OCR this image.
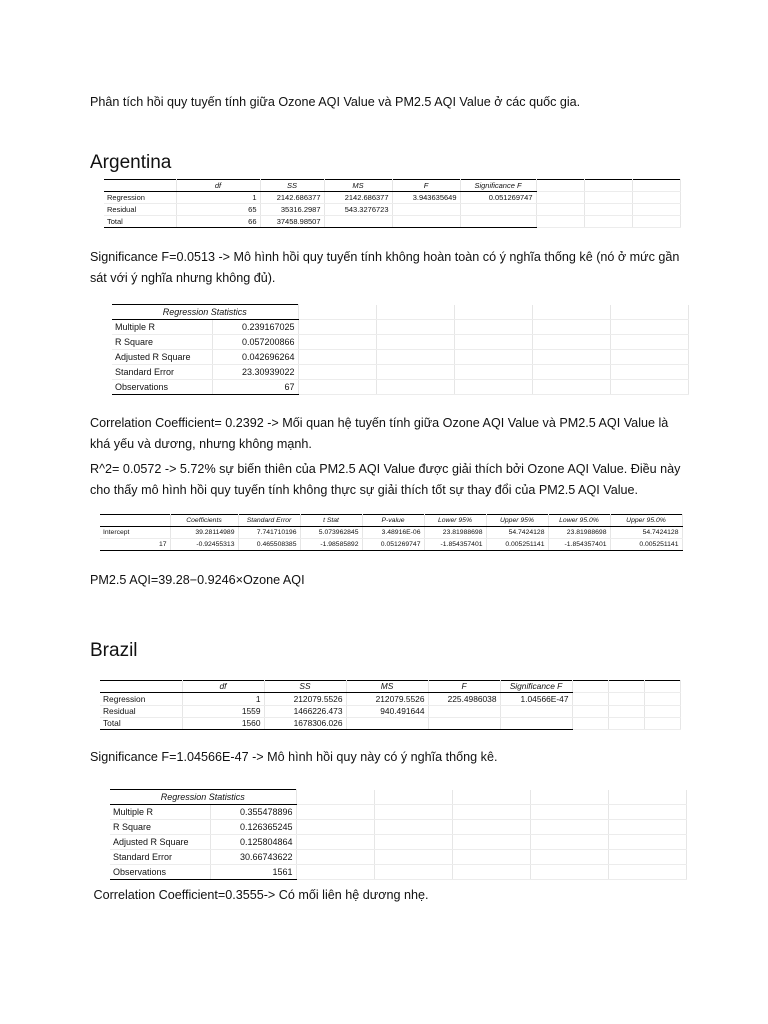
Phân tích hồi quy tuyến tính giữa Ozone AQI Value và PM2.5 AQI Value ở các quốc gia.

Argentina
	df	SS	MS	F	Significance F			
Regression	1	2142.686377	2142.686377	3.943635649	0.051269747			
Residual	65	35316.2987	543.3276723					
Total	66	37458.98507						

Significance F=0.0513 -> Mô hình hồi quy tuyến tính không hoàn toàn có ý nghĩa thống kê (nó ở mức gần
sát với ý nghĩa nhưng không đủ).

Regression Statistics						
Multiple R	0.239167025					
R Square	0.057200866					
Adjusted R Square	0.042696264					
Standard Error	23.30939022					
Observations	67					

Correlation Coefficient= 0.2392 -> Mối quan hệ tuyến tính giữa Ozone AQI Value và PM2.5 AQI Value là
khá yếu và dương, nhưng không mạnh.

R^2= 0.0572 -> 5.72% sự biến thiên của PM2.5 AQI Value được giải thích bởi Ozone AQI Value. Điều này
cho thấy mô hình hồi quy tuyến tính không thực sự giải thích tốt sự thay đổi của PM2.5 AQI Value.

	Coefficients	Standard Error	t Stat	P-value	Lower 95%	Upper 95%	Lower 95.0%	Upper 95.0%
Intercept	39.28114989	7.741710196	5.073962845	3.48916E-06	23.81988698	54.7424128	23.81988698	54.7424128
17	-0.92455313	0.465508385	-1.98585892	0.051269747	-1.854357401	0.005251141	-1.854357401	0.005251141

PM2.5 AQI=39.28−0.9246×Ozone AQI

Brazil
	df	SS	MS	F	Significance F			
Regression	1	212079.5526	212079.5526	225.4986038	1.04566E-47			
Residual	1559	1466226.473	940.491644					
Total	1560	1678306.026						

Significance F=1.04566E-47 -> Mô hình hồi quy này có ý nghĩa thống kê.

Regression Statistics						
Multiple R	0.355478896					
R Square	0.126365245					
Adjusted R Square	0.125804864					
Standard Error	30.66743622					
Observations	1561					

Correlation Coefficient=0.3555-> Có mối liên hệ dương nhẹ.
